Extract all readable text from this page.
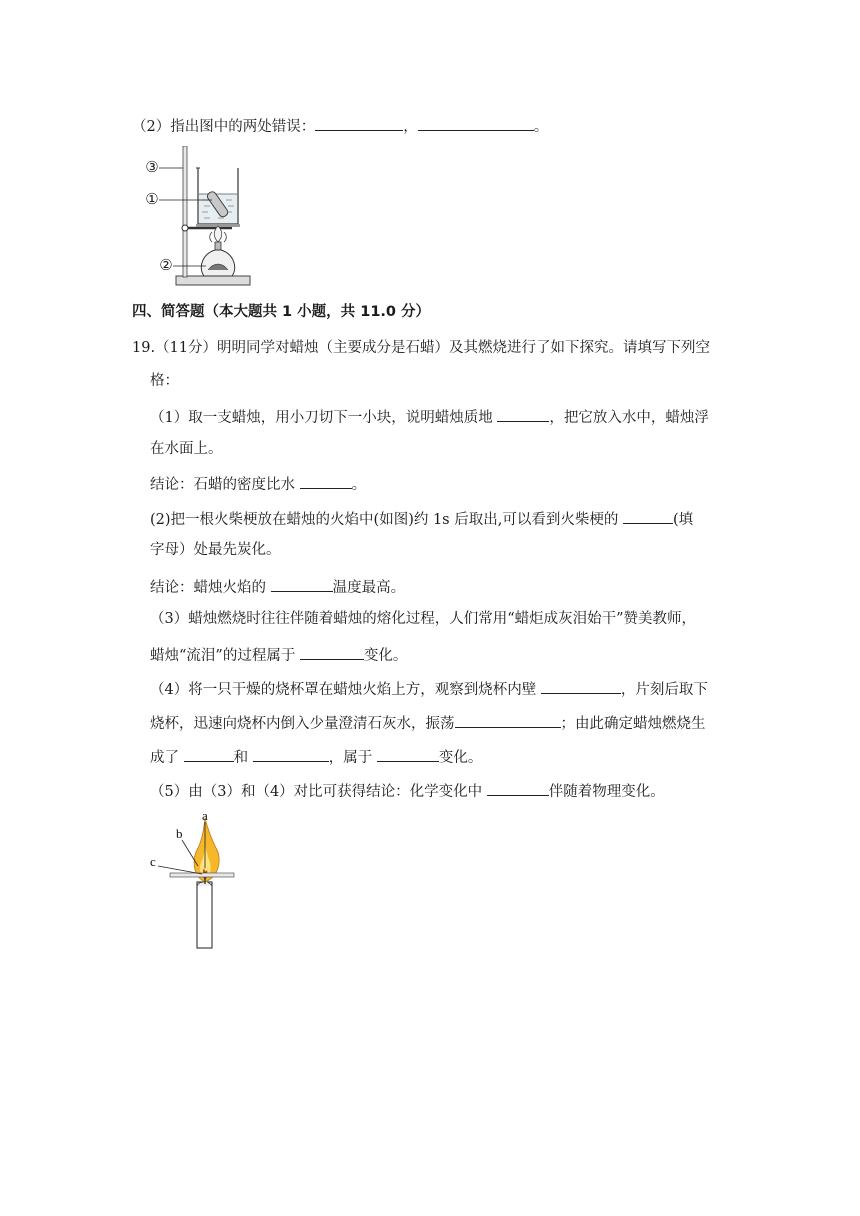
（2）指出图中的两处错误：	，	。
③
①
②
四、简答题（本大题共 1 小题，共 11.0 分）
19.（11分）明明同学对蜡烛（主要成分是石蜡）及其燃烧进行了如下探究。请填写下列空
格：
（1）取一支蜡烛，用小刀切下一小块，说明蜡烛质地	，把它放入水中，蜡烛浮
在水面上。
结论：石蜡的密度比水	。
(2)把一根火柴梗放在蜡烛的火焰中(如图)约 1s 后取出,可以看到火柴梗的	(填
字母）处最先炭化。
结论：蜡烛火焰的	温度最高。
（3）蜡烛燃烧时往往伴随着蜡烛的熔化过程，人们常用“蜡炬成灰泪始干”赞美教师，
蜡烛“流泪”的过程属于	变化。
（4）将一只干燥的烧杯罩在蜡烛火焰上方，观察到烧杯内壁	，片刻后取下
烧杯，迅速向烧杯内倒入少量澄清石灰水，振荡	；由此确定蜡烛燃烧生
成了	和	，属于	变化。
（5）由（3）和（4）对比可获得结论：化学变化中	伴随着物理变化。
a
b
c
